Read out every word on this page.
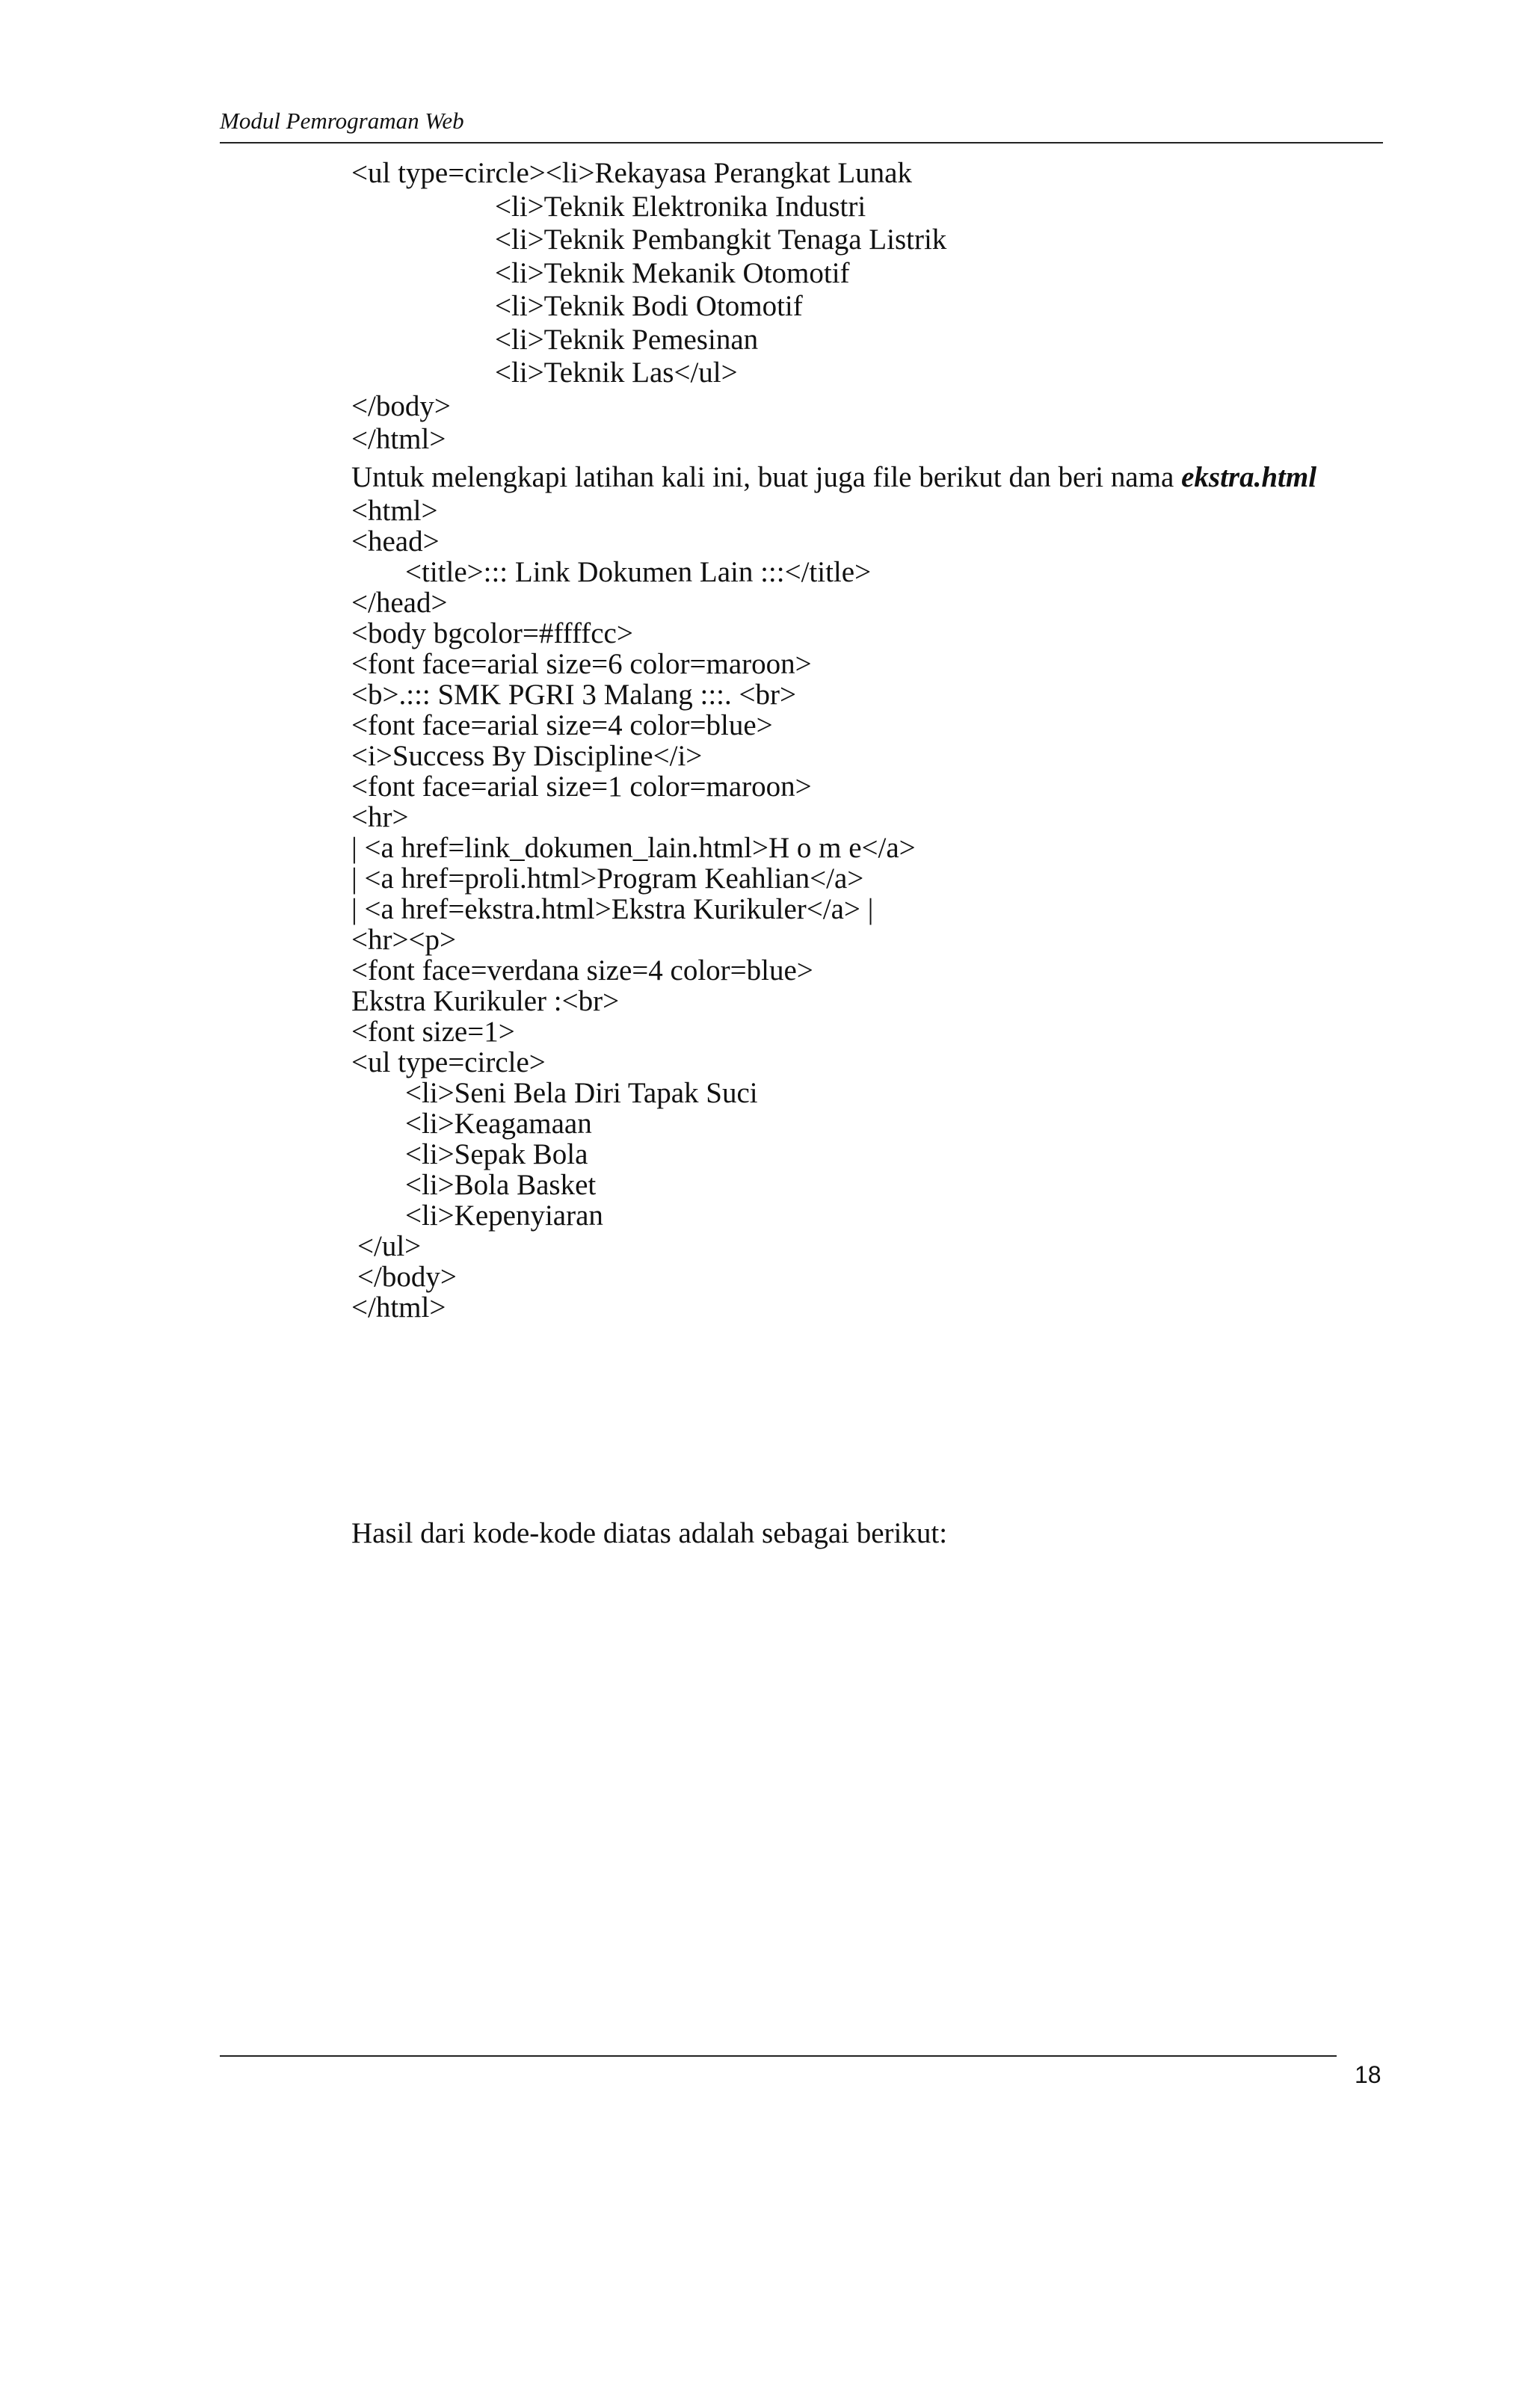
Modul Pemrograman Web
<ul type=circle><li>Rekayasa Perangkat Lunak
<li>Teknik Elektronika Industri
<li>Teknik Pembangkit Tenaga Listrik
<li>Teknik Mekanik Otomotif
<li>Teknik Bodi Otomotif
<li>Teknik Pemesinan
<li>Teknik Las</ul>
</body>
</html>
Untuk melengkapi latihan kali ini, buat juga file berikut dan beri nama ekstra.html
<html>
<head>
<title>::: Link Dokumen Lain :::</title>
</head>
<body bgcolor=#ffffcc>
<font face=arial size=6 color=maroon>
<b>.::: SMK PGRI 3 Malang :::. <br>
<font face=arial size=4 color=blue>
<i>Success By Discipline</i>
<font face=arial size=1 color=maroon>
<hr>
| <a href=link_dokumen_lain.html>H o m e</a>
| <a href=proli.html>Program Keahlian</a>
| <a href=ekstra.html>Ekstra Kurikuler</a> |
<hr><p>
<font face=verdana size=4 color=blue>
Ekstra Kurikuler :<br>
<font size=1>
<ul type=circle>
<li>Seni Bela Diri Tapak Suci
<li>Keagamaan
<li>Sepak Bola
<li>Bola Basket
<li>Kepenyiaran
</ul>
</body>
</html>
Hasil dari kode-kode diatas adalah sebagai berikut:
18
